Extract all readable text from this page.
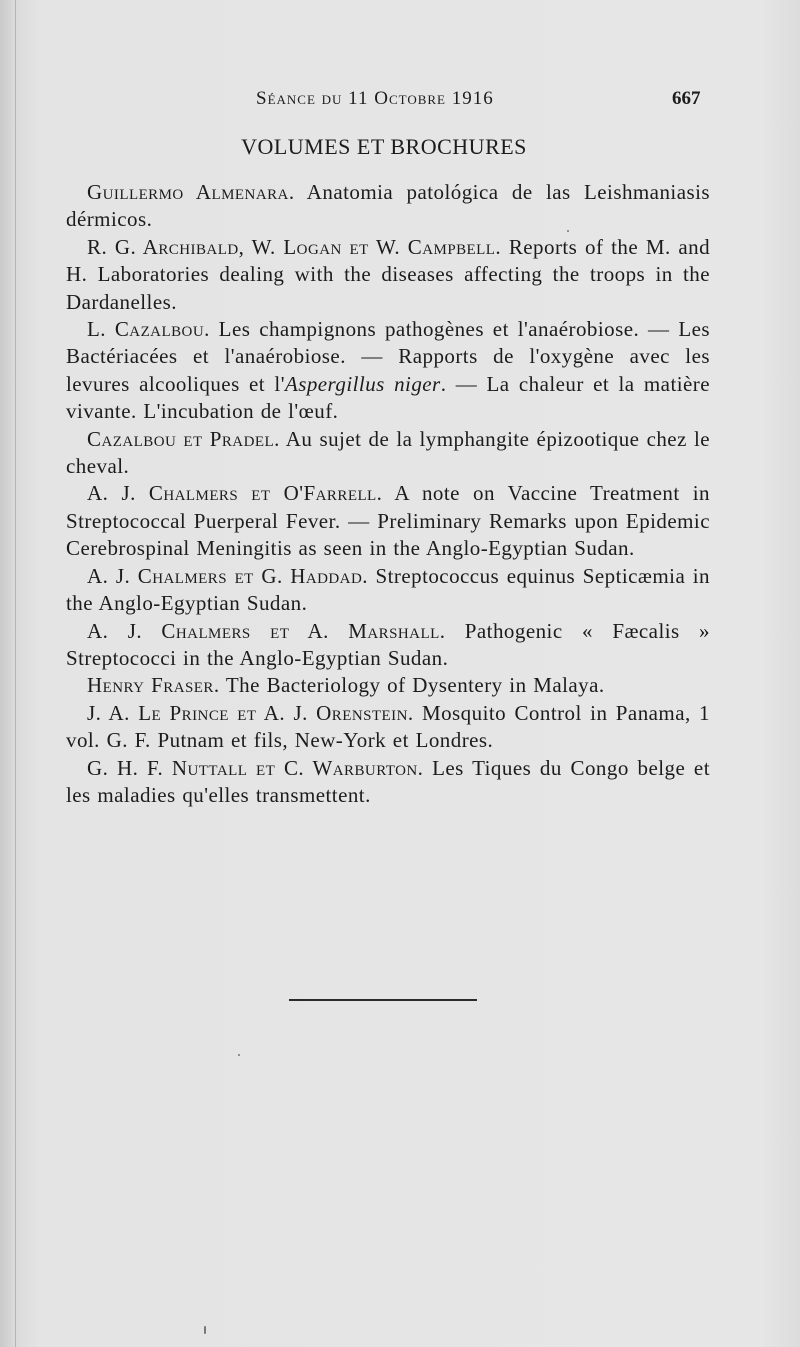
Séance du 11 Octobre 1916	667
VOLUMES ET BROCHURES

Guillermo Almenara. Anatomia patológica de las Leishmaniasis dérmicos.

R. G. Archibald, W. Logan et W. Campbell. Reports of the M. and H. Laboratories dealing with the diseases affecting the troops in the Dardanelles.

L. Cazalbou. Les champignons pathogènes et l'anaérobiose. — Les Bactériacées et l'anaérobiose. — Rapports de l'oxygène avec les levures alcooliques et l'Aspergillus niger. — La chaleur et la matière vivante. L'incubation de l'œuf.

Cazalbou et Pradel. Au sujet de la lymphangite épizootique chez le cheval.

A. J. Chalmers et O'Farrell. A note on Vaccine Treatment in Streptococcal Puerperal Fever. — Preliminary Remarks upon Epidemic Cerebrospinal Meningitis as seen in the Anglo-Egyptian Sudan.

A. J. Chalmers et G. Haddad. Streptococcus equinus Septicæmia in the Anglo-Egyptian Sudan.

A. J. Chalmers et A. Marshall. Pathogenic « Fæcalis » Streptococci in the Anglo-Egyptian Sudan.

Henry Fraser. The Bacteriology of Dysentery in Malaya.

J. A. Le Prince et A. J. Orenstein. Mosquito Control in Panama, 1 vol. G. F. Putnam et fils, New-York et Londres.

G. H. F. Nuttall et C. Warburton. Les Tiques du Congo belge et les maladies qu'elles transmettent.
